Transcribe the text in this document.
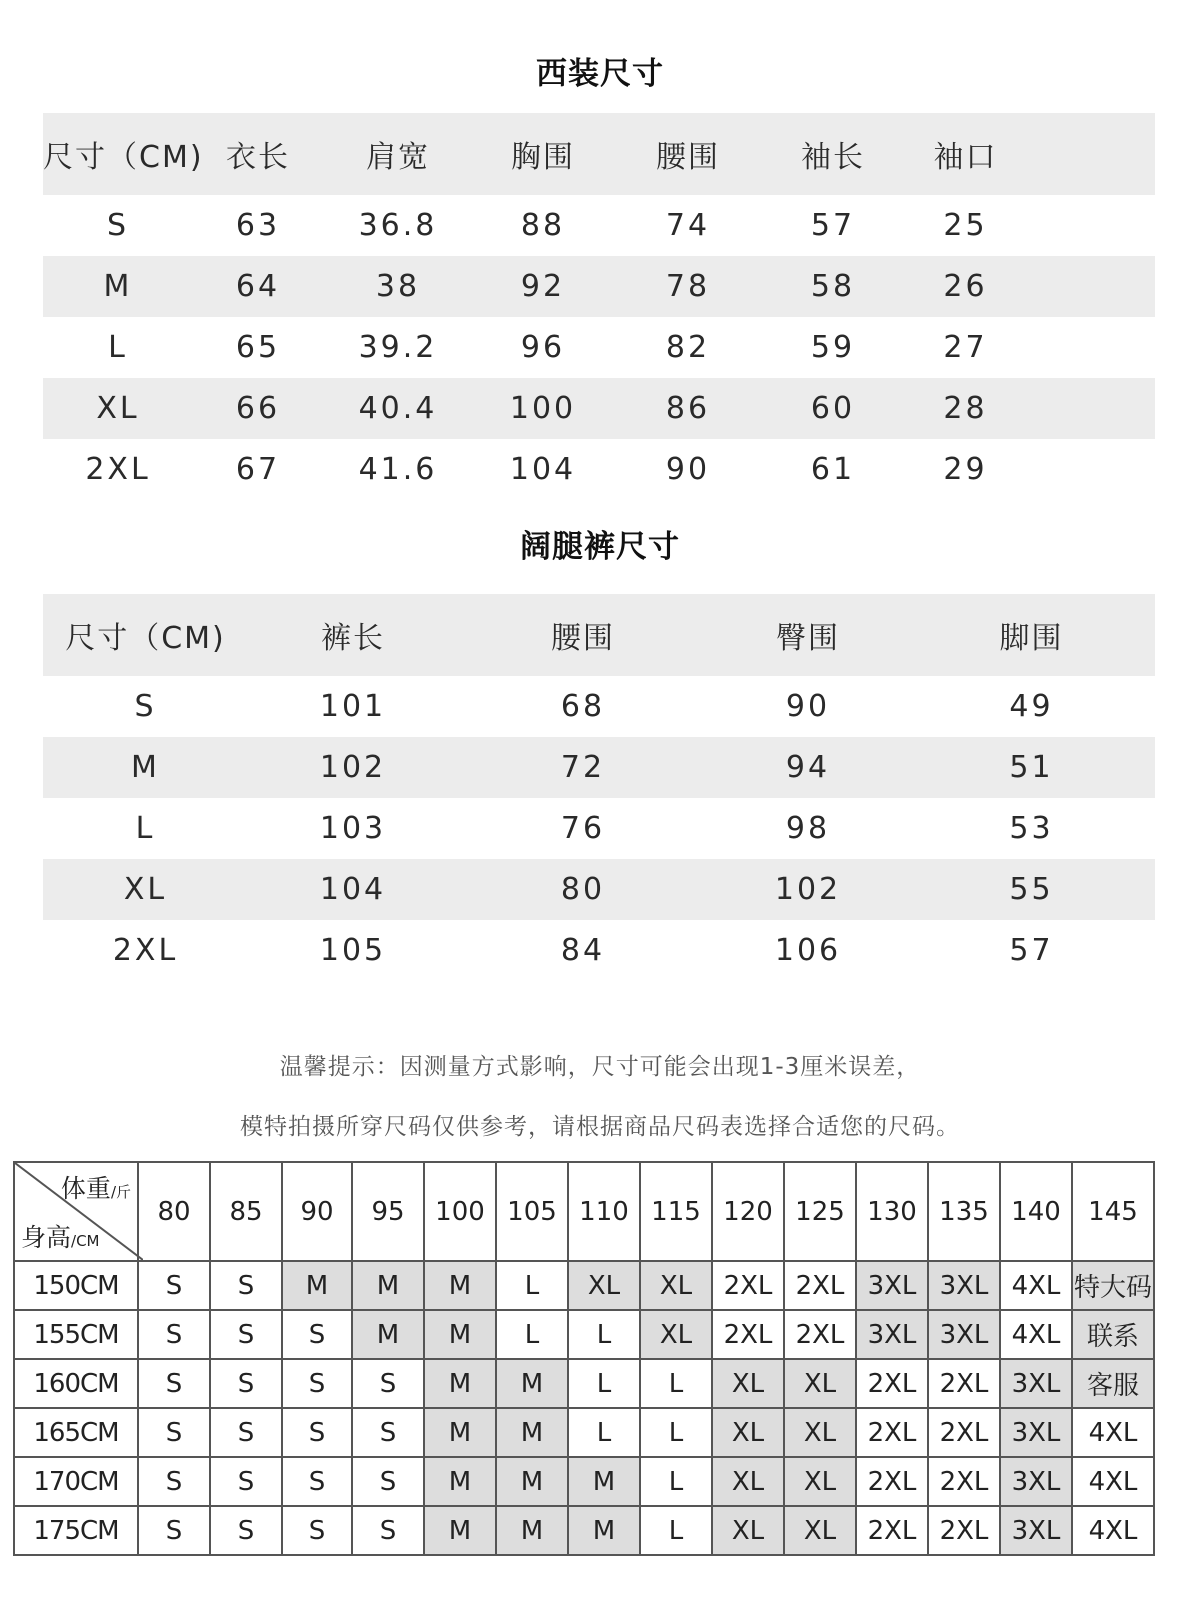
西装尺寸
尺寸（CM) 衣长	肩宽	胸围	腰围	袖长	袖口
S	63	36.8	88	74	57	25
M	64	38	92	78	58	26
L	65	39.2	96	82	59	27
XL	66	40.4	100	86	60	28
2XL	67	41.6	104	90	61	29
阔腿裤尺寸
尺寸（CM)	裤长	腰围	臀围	脚围
S	101	68	90	49
M	102	72	94	51
L	103	76	98	53
XL	104	80	102	55
2XL	105	84	106	57
温馨提示：因测量方式影响，尺寸可能会出现1-3厘米误差，
模特拍摄所穿尺码仅供参考，请根据商品尺码表选择合适您的尺码。
体重/斤
身高/CM	80	85	90	95	100	105	110	115	120	125	130	135	140	145
150CM	S	S	M	M	M	L	XL	XL	2XL	2XL	3XL	3XL	4XL	特大码
155CM	S	S	S	M	M	L	L	XL	2XL	2XL	3XL	3XL	4XL	联系
160CM	S	S	S	S	M	M	L	L	XL	XL	2XL	2XL	3XL	客服
165CM	S	S	S	S	M	M	L	L	XL	XL	2XL	2XL	3XL	4XL
170CM	S	S	S	S	M	M	M	L	XL	XL	2XL	2XL	3XL	4XL
175CM	S	S	S	S	M	M	M	L	XL	XL	2XL	2XL	3XL	4XL
